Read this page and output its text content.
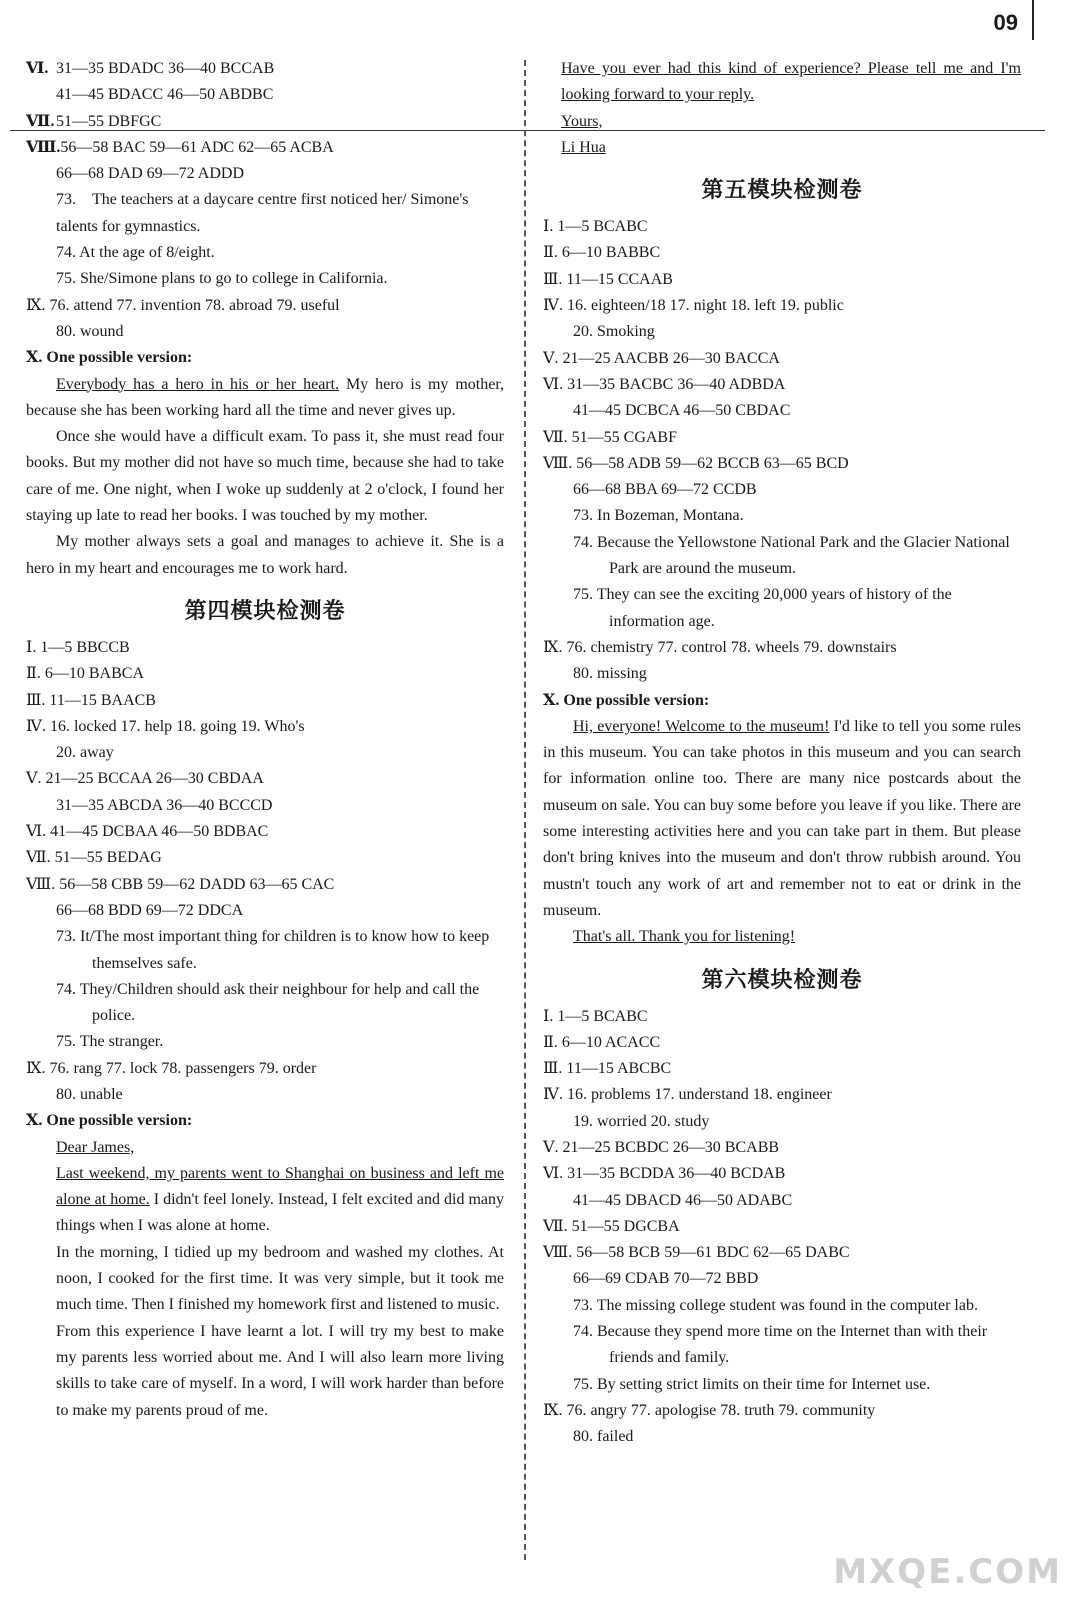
09
Ⅵ. 31—35 BDADC 36—40 BCCAB
41—45 BDACC 46—50 ABDBC
Ⅶ.51—55 DBFGC
Ⅷ.56—58 BAC 59—61 ADC 62—65 ACBA
66—68 DAD 69—72 ADDD
73. The teachers at a daycare centre first noticed her/ Simone's talents for gymnastics.
74. At the age of 8/eight.
75. She/Simone plans to go to college in California.
Ⅸ. 76. attend 77. invention 78. abroad 79. useful
80. wound
Ⅹ. One possible version:

Everybody has a hero in his or her heart. My hero is my mother, because she has been working hard all the time and never gives up.

Once she would have a difficult exam. To pass it, she must read four books. But my mother did not have so much time, because she had to take care of me. One night, when I woke up suddenly at 2 o'clock, I found her staying up late to read her books. I was touched by my mother.

My mother always sets a goal and manages to achieve it. She is a hero in my heart and encourages me to work hard.

第四模块检测卷
Ⅰ. 1—5 BBCCB
Ⅱ. 6—10 BABCA
Ⅲ. 11—15 BAACB
Ⅳ. 16. locked 17. help 18. going 19. Who's
20. away
Ⅴ. 21—25 BCCAA 26—30 CBDAA
31—35 ABCDA 36—40 BCCCD
Ⅵ. 41—45 DCBAA 46—50 BDBAC
Ⅶ. 51—55 BEDAG
Ⅷ. 56—58 CBB 59—62 DADD 63—65 CAC
66—68 BDD 69—72 DDCA
73. It/The most important thing for children is to know how to keep themselves safe.
74. They/Children should ask their neighbour for help and call the police.
75. The stranger.
Ⅸ. 76. rang 77. lock 78. passengers 79. order
80. unable
Ⅹ. One possible version:

Dear James,

Last weekend, my parents went to Shanghai on business and left me alone at home. I didn't feel lonely. Instead, I felt excited and did many things when I was alone at home.

In the morning, I tidied up my bedroom and washed my clothes. At noon, I cooked for the first time. It was very simple, but it took me much time. Then I finished my homework first and listened to music.

From this experience I have learnt a lot. I will try my best to make my parents less worried about me. And I will also learn more living skills to take care of myself. In a word, I will work harder than before to make my parents proud of me.

Have you ever had this kind of experience? Please tell me and I'm looking forward to your reply.

Yours,

Li Hua

第五模块检测卷
Ⅰ. 1—5 BCABC
Ⅱ. 6—10 BABBC
Ⅲ. 11—15 CCAAB
Ⅳ. 16. eighteen/18 17. night 18. left 19. public
20. Smoking
Ⅴ. 21—25 AACBB 26—30 BACCA
Ⅵ. 31—35 BACBC 36—40 ADBDA
41—45 DCBCA 46—50 CBDAC
Ⅶ. 51—55 CGABF
Ⅷ. 56—58 ADB 59—62 BCCB 63—65 BCD
66—68 BBA 69—72 CCDB
73. In Bozeman, Montana.
74. Because the Yellowstone National Park and the Glacier National Park are around the museum.
75. They can see the exciting 20,000 years of history of the information age.
Ⅸ. 76. chemistry 77. control 78. wheels 79. downstairs
80. missing
Ⅹ. One possible version:

Hi, everyone! Welcome to the museum! I'd like to tell you some rules in this museum. You can take photos in this museum and you can search for information online too. There are many nice postcards about the museum on sale. You can buy some before you leave if you like. There are some interesting activities here and you can take part in them. But please don't bring knives into the museum and don't throw rubbish around. You mustn't touch any work of art and remember not to eat or drink in the museum.

That's all. Thank you for listening!

第六模块检测卷
Ⅰ. 1—5 BCABC
Ⅱ. 6—10 ACACC
Ⅲ. 11—15 ABCBC
Ⅳ. 16. problems 17. understand 18. engineer
19. worried 20. study
Ⅴ. 21—25 BCBDC 26—30 BCABB
Ⅵ. 31—35 BCDDA 36—40 BCDAB
41—45 DBACD 46—50 ADABC
Ⅶ. 51—55 DGCBA
Ⅷ. 56—58 BCB 59—61 BDC 62—65 DABC
66—69 CDAB 70—72 BBD
73. The missing college student was found in the computer lab.
74. Because they spend more time on the Internet than with their friends and family.
75. By setting strict limits on their time for Internet use.
Ⅸ. 76. angry 77. apologise 78. truth 79. community
80. failed
MXQE.COM
